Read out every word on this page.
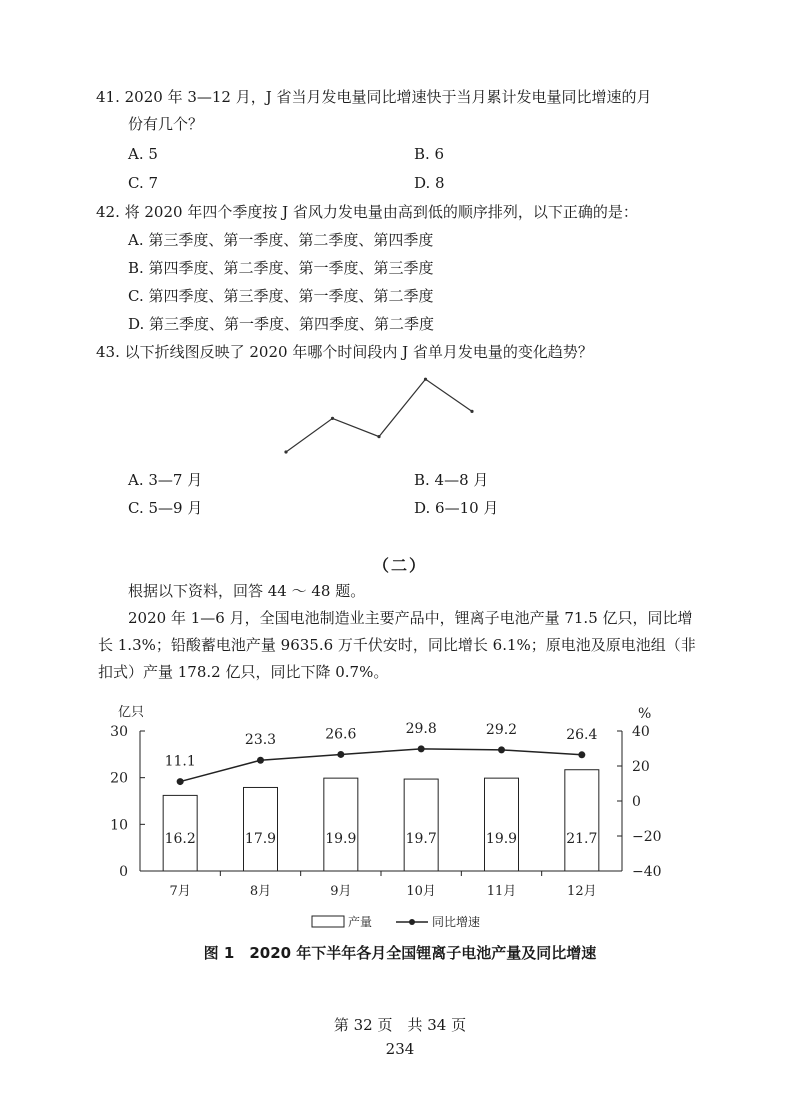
41. 2020 年 3—12 月，J 省当月发电量同比增速快于当月累计发电量同比增速的月
份有几个？
A. 5	B. 6
C. 7	D. 8
42. 将 2020 年四个季度按 J 省风力发电量由高到低的顺序排列，以下正确的是：
A. 第三季度、第一季度、第二季度、第四季度
B. 第四季度、第二季度、第一季度、第三季度
C. 第四季度、第三季度、第一季度、第二季度
D. 第三季度、第一季度、第四季度、第二季度
43. 以下折线图反映了 2020 年哪个时间段内 J 省单月发电量的变化趋势？
A. 3—7 月	B. 4—8 月
C. 5—9 月	D. 6—10 月
（二）
根据以下资料，回答 44 ～ 48 题。
2020 年 1—6 月，全国电池制造业主要产品中，锂离子电池产量 71.5 亿只，同比增长 1.3%；铅酸蓄电池产量 9635.6 万千伏安时，同比增长 6.1%；原电池及原电池组（非扣式）产量 178.2 亿只，同比下降 0.7%。
0
10
20
30
−40
−20
0
20
40
亿只	%
16.2
7月
17.9
8月
19.9
9月
19.7
10月
19.9
11月
21.7
12月
11.1
23.3	26.6	29.8	29.2	26.4
产量	同比增速
图 1　2020 年下半年各月全国锂离子电池产量及同比增速
第 32 页　共 34 页
234
